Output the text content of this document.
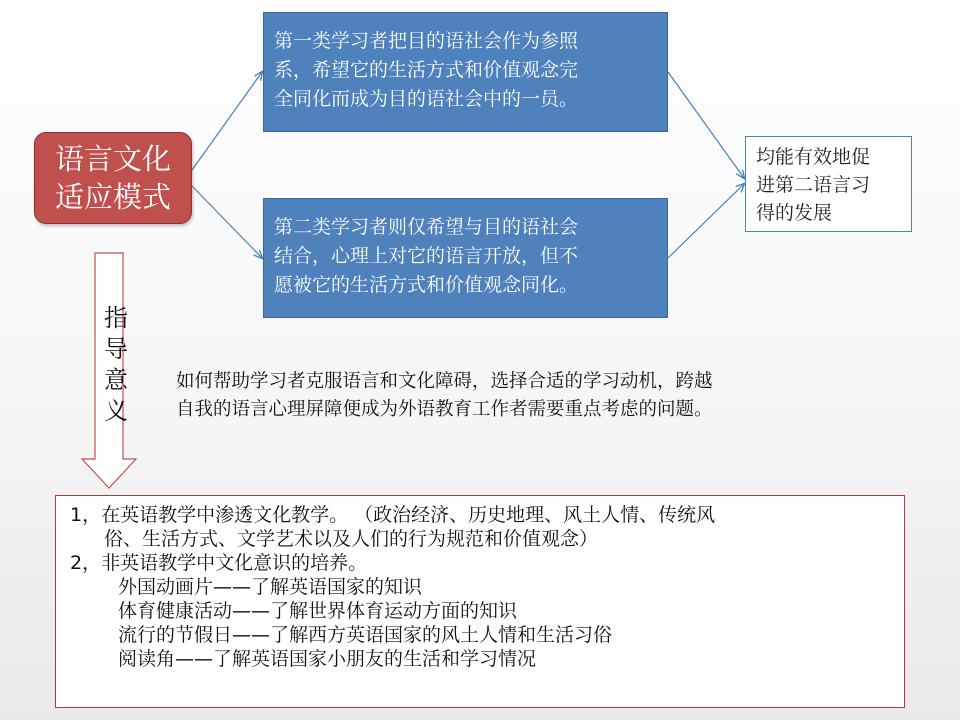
语言文化
适应模式
第一类学习者把目的语社会作为参照
系，希望它的生活方式和价值观念完
全同化而成为目的语社会中的一员。
第二类学习者则仅希望与目的语社会
结合，心理上对它的语言开放，但不
愿被它的生活方式和价值观念同化。
均能有效地促
进第二语言习
得的发展
指
导
意
义
如何帮助学习者克服语言和文化障碍，选择合适的学习动机，跨越
自我的语言心理屏障便成为外语教育工作者需要重点考虑的问题。
1，在英语教学中渗透文化教学。 （政治经济、历史地理、风土人情、传统风
俗、生活方式、文学艺术以及人们的行为规范和价值观念）
2，非英语教学中文化意识的培养。
外国动画片——了解英语国家的知识
体育健康活动——了解世界体育运动方面的知识
流行的节假日——了解西方英语国家的风土人情和生活习俗
阅读角——了解英语国家小朋友的生活和学习情况
